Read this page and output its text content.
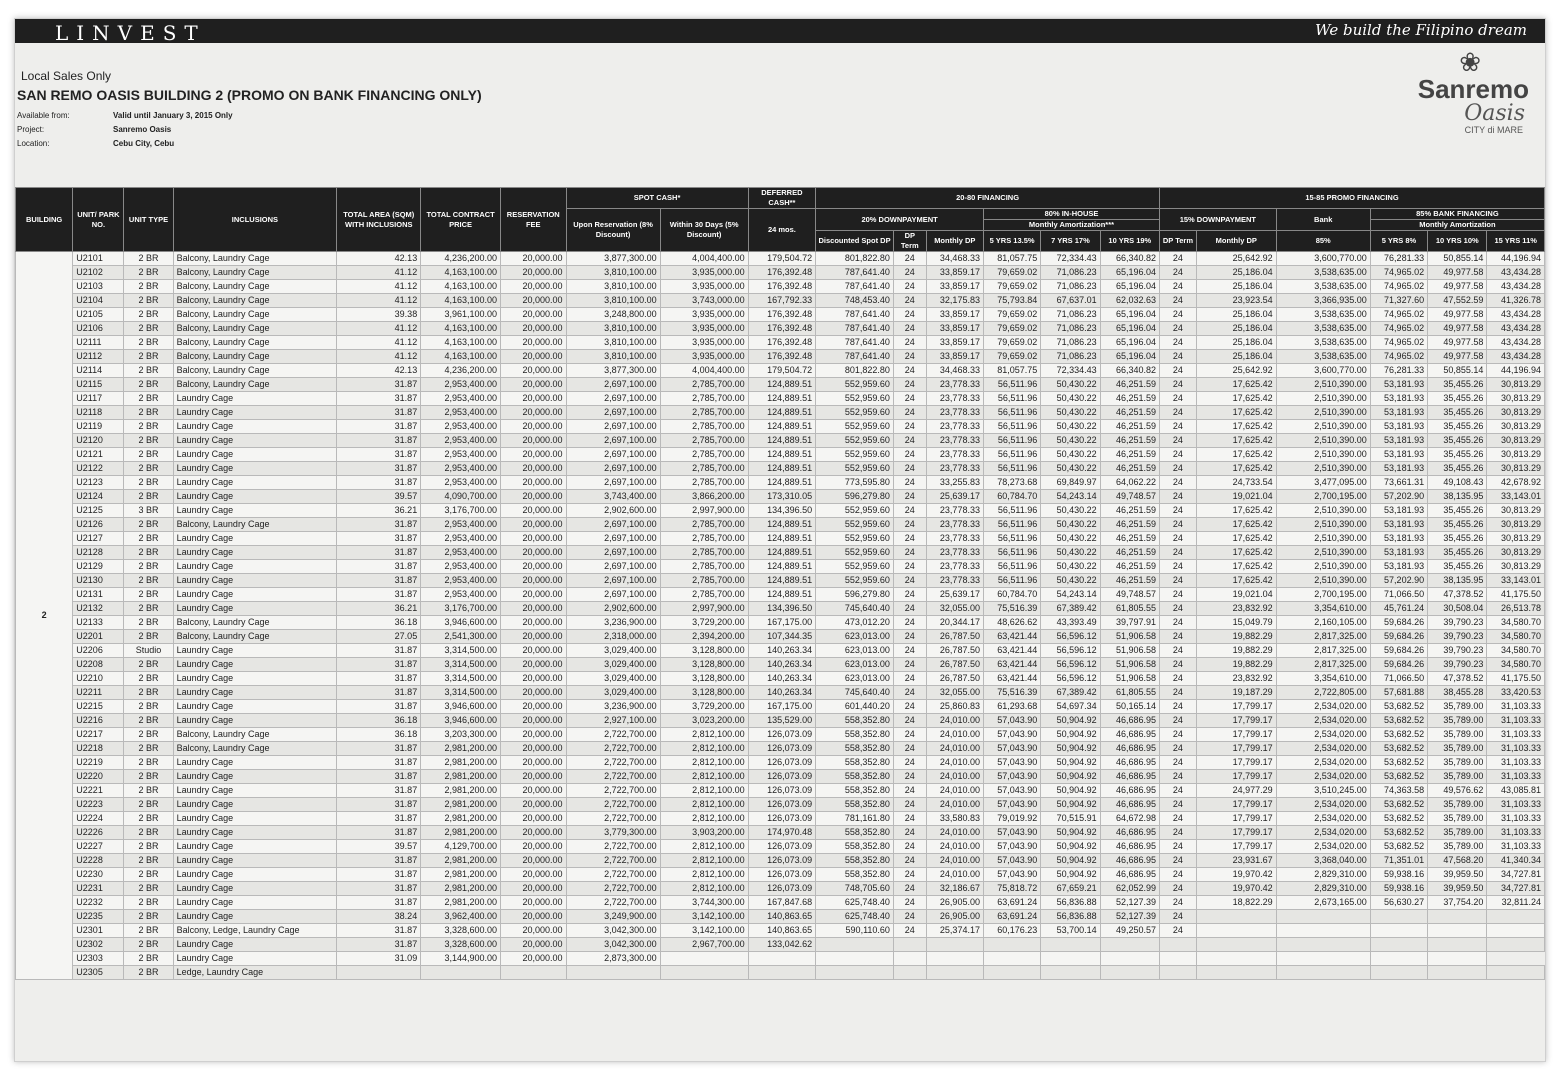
LINVEST	We build the Filipino dream
Local Sales Only
SAN REMO OASIS BUILDING 2 (PROMO ON BANK FINANCING ONLY)
Available from:	Valid until January 3, 2015 Only
Project:	Sanremo Oasis
Location:	Cebu City, Cebu
❀
Sanremo
Oasis
CITY di MARE
BUILDING	UNIT/ PARK NO.	UNIT TYPE	INCLUSIONS	TOTAL AREA (SQM) WITH INCLUSIONS	TOTAL CONTRACT PRICE	RESERVATION FEE	SPOT CASH*		DEFERRED CASH**	20-80 FINANCING						15-85 PROMO FINANCING					
							Upon Reservation (8% Discount)	Within 30 Days (5% Discount)	24 mos.	20% DOWNPAYMENT			80% IN-HOUSE			15% DOWNPAYMENT		Bank	85% BANK FINANCING		
													Monthly Amortization***						Monthly Amortization		
										Discounted Spot DP	DP Term	Monthly DP	5 YRS 13.5%	7 YRS 17%	10 YRS 19%	DP Term	Monthly DP	85%	5 YRS 8%	10 YRS 10%	15 YRS 11%
2	U2101	2 BR	Balcony, Laundry Cage	42.13	4,236,200.00	20,000.00	3,877,300.00	4,004,400.00	179,504.72	801,822.80	24	34,468.33	81,057.75	72,334.43	66,340.82	24	25,642.92	3,600,770.00	76,281.33	50,855.14	44,196.94
	U2102	2 BR	Balcony, Laundry Cage	41.12	4,163,100.00	20,000.00	3,810,100.00	3,935,000.00	176,392.48	787,641.40	24	33,859.17	79,659.02	71,086.23	65,196.04	24	25,186.04	3,538,635.00	74,965.02	49,977.58	43,434.28
	U2103	2 BR	Balcony, Laundry Cage	41.12	4,163,100.00	20,000.00	3,810,100.00	3,935,000.00	176,392.48	787,641.40	24	33,859.17	79,659.02	71,086.23	65,196.04	24	25,186.04	3,538,635.00	74,965.02	49,977.58	43,434.28
	U2104	2 BR	Balcony, Laundry Cage	41.12	4,163,100.00	20,000.00	3,810,100.00	3,743,000.00	167,792.33	748,453.40	24	32,175.83	75,793.84	67,637.01	62,032.63	24	23,923.54	3,366,935.00	71,327.60	47,552.59	41,326.78
	U2105	2 BR	Balcony, Laundry Cage	39.38	3,961,100.00	20,000.00	3,248,800.00	3,935,000.00	176,392.48	787,641.40	24	33,859.17	79,659.02	71,086.23	65,196.04	24	25,186.04	3,538,635.00	74,965.02	49,977.58	43,434.28
	U2106	2 BR	Balcony, Laundry Cage	41.12	4,163,100.00	20,000.00	3,810,100.00	3,935,000.00	176,392.48	787,641.40	24	33,859.17	79,659.02	71,086.23	65,196.04	24	25,186.04	3,538,635.00	74,965.02	49,977.58	43,434.28
	U2111	2 BR	Balcony, Laundry Cage	41.12	4,163,100.00	20,000.00	3,810,100.00	3,935,000.00	176,392.48	787,641.40	24	33,859.17	79,659.02	71,086.23	65,196.04	24	25,186.04	3,538,635.00	74,965.02	49,977.58	43,434.28
	U2112	2 BR	Balcony, Laundry Cage	41.12	4,163,100.00	20,000.00	3,810,100.00	3,935,000.00	176,392.48	787,641.40	24	33,859.17	79,659.02	71,086.23	65,196.04	24	25,186.04	3,538,635.00	74,965.02	49,977.58	43,434.28
	U2114	2 BR	Balcony, Laundry Cage	42.13	4,236,200.00	20,000.00	3,877,300.00	4,004,400.00	179,504.72	801,822.80	24	34,468.33	81,057.75	72,334.43	66,340.82	24	25,642.92	3,600,770.00	76,281.33	50,855.14	44,196.94
	U2115	2 BR	Balcony, Laundry Cage	31.87	2,953,400.00	20,000.00	2,697,100.00	2,785,700.00	124,889.51	552,959.60	24	23,778.33	56,511.96	50,430.22	46,251.59	24	17,625.42	2,510,390.00	53,181.93	35,455.26	30,813.29
	U2117	2 BR	Laundry Cage	31.87	2,953,400.00	20,000.00	2,697,100.00	2,785,700.00	124,889.51	552,959.60	24	23,778.33	56,511.96	50,430.22	46,251.59	24	17,625.42	2,510,390.00	53,181.93	35,455.26	30,813.29
	U2118	2 BR	Laundry Cage	31.87	2,953,400.00	20,000.00	2,697,100.00	2,785,700.00	124,889.51	552,959.60	24	23,778.33	56,511.96	50,430.22	46,251.59	24	17,625.42	2,510,390.00	53,181.93	35,455.26	30,813.29
	U2119	2 BR	Laundry Cage	31.87	2,953,400.00	20,000.00	2,697,100.00	2,785,700.00	124,889.51	552,959.60	24	23,778.33	56,511.96	50,430.22	46,251.59	24	17,625.42	2,510,390.00	53,181.93	35,455.26	30,813.29
	U2120	2 BR	Laundry Cage	31.87	2,953,400.00	20,000.00	2,697,100.00	2,785,700.00	124,889.51	552,959.60	24	23,778.33	56,511.96	50,430.22	46,251.59	24	17,625.42	2,510,390.00	53,181.93	35,455.26	30,813.29
	U2121	2 BR	Laundry Cage	31.87	2,953,400.00	20,000.00	2,697,100.00	2,785,700.00	124,889.51	552,959.60	24	23,778.33	56,511.96	50,430.22	46,251.59	24	17,625.42	2,510,390.00	53,181.93	35,455.26	30,813.29
	U2122	2 BR	Laundry Cage	31.87	2,953,400.00	20,000.00	2,697,100.00	2,785,700.00	124,889.51	552,959.60	24	23,778.33	56,511.96	50,430.22	46,251.59	24	17,625.42	2,510,390.00	53,181.93	35,455.26	30,813.29
	U2123	2 BR	Laundry Cage	31.87	2,953,400.00	20,000.00	2,697,100.00	2,785,700.00	124,889.51	773,595.80	24	33,255.83	78,273.68	69,849.97	64,062.22	24	24,733.54	3,477,095.00	73,661.31	49,108.43	42,678.92
	U2124	2 BR	Laundry Cage	39.57	4,090,700.00	20,000.00	3,743,400.00	3,866,200.00	173,310.05	596,279.80	24	25,639.17	60,784.70	54,243.14	49,748.57	24	19,021.04	2,700,195.00	57,202.90	38,135.95	33,143.01
	U2125	3 BR	Laundry Cage	36.21	3,176,700.00	20,000.00	2,902,600.00	2,997,900.00	134,396.50	552,959.60	24	23,778.33	56,511.96	50,430.22	46,251.59	24	17,625.42	2,510,390.00	53,181.93	35,455.26	30,813.29
	U2126	2 BR	Balcony, Laundry Cage	31.87	2,953,400.00	20,000.00	2,697,100.00	2,785,700.00	124,889.51	552,959.60	24	23,778.33	56,511.96	50,430.22	46,251.59	24	17,625.42	2,510,390.00	53,181.93	35,455.26	30,813.29
	U2127	2 BR	Laundry Cage	31.87	2,953,400.00	20,000.00	2,697,100.00	2,785,700.00	124,889.51	552,959.60	24	23,778.33	56,511.96	50,430.22	46,251.59	24	17,625.42	2,510,390.00	53,181.93	35,455.26	30,813.29
	U2128	2 BR	Laundry Cage	31.87	2,953,400.00	20,000.00	2,697,100.00	2,785,700.00	124,889.51	552,959.60	24	23,778.33	56,511.96	50,430.22	46,251.59	24	17,625.42	2,510,390.00	53,181.93	35,455.26	30,813.29
	U2129	2 BR	Laundry Cage	31.87	2,953,400.00	20,000.00	2,697,100.00	2,785,700.00	124,889.51	552,959.60	24	23,778.33	56,511.96	50,430.22	46,251.59	24	17,625.42	2,510,390.00	53,181.93	35,455.26	30,813.29
	U2130	2 BR	Laundry Cage	31.87	2,953,400.00	20,000.00	2,697,100.00	2,785,700.00	124,889.51	552,959.60	24	23,778.33	56,511.96	50,430.22	46,251.59	24	17,625.42	2,510,390.00	57,202.90	38,135.95	33,143.01
	U2131	2 BR	Laundry Cage	31.87	2,953,400.00	20,000.00	2,697,100.00	2,785,700.00	124,889.51	596,279.80	24	25,639.17	60,784.70	54,243.14	49,748.57	24	19,021.04	2,700,195.00	71,066.50	47,378.52	41,175.50
	U2132	2 BR	Laundry Cage	36.21	3,176,700.00	20,000.00	2,902,600.00	2,997,900.00	134,396.50	745,640.40	24	32,055.00	75,516.39	67,389.42	61,805.55	24	23,832.92	3,354,610.00	45,761.24	30,508.04	26,513.78
	U2133	2 BR	Balcony, Laundry Cage	36.18	3,946,600.00	20,000.00	3,236,900.00	3,729,200.00	167,175.00	473,012.20	24	20,344.17	48,626.62	43,393.49	39,797.91	24	15,049.79	2,160,105.00	59,684.26	39,790.23	34,580.70
	U2201	2 BR	Balcony, Laundry Cage	27.05	2,541,300.00	20,000.00	2,318,000.00	2,394,200.00	107,344.35	623,013.00	24	26,787.50	63,421.44	56,596.12	51,906.58	24	19,882.29	2,817,325.00	59,684.26	39,790.23	34,580.70
	U2206	Studio	Laundry Cage	31.87	3,314,500.00	20,000.00	3,029,400.00	3,128,800.00	140,263.34	623,013.00	24	26,787.50	63,421.44	56,596.12	51,906.58	24	19,882.29	2,817,325.00	59,684.26	39,790.23	34,580.70
	U2208	2 BR	Laundry Cage	31.87	3,314,500.00	20,000.00	3,029,400.00	3,128,800.00	140,263.34	623,013.00	24	26,787.50	63,421.44	56,596.12	51,906.58	24	19,882.29	2,817,325.00	59,684.26	39,790.23	34,580.70
	U2210	2 BR	Laundry Cage	31.87	3,314,500.00	20,000.00	3,029,400.00	3,128,800.00	140,263.34	623,013.00	24	26,787.50	63,421.44	56,596.12	51,906.58	24	23,832.92	3,354,610.00	71,066.50	47,378.52	41,175.50
	U2211	2 BR	Laundry Cage	31.87	3,314,500.00	20,000.00	3,029,400.00	3,128,800.00	140,263.34	745,640.40	24	32,055.00	75,516.39	67,389.42	61,805.55	24	19,187.29	2,722,805.00	57,681.88	38,455.28	33,420.53
	U2215	2 BR	Laundry Cage	31.87	3,946,600.00	20,000.00	3,236,900.00	3,729,200.00	167,175.00	601,440.20	24	25,860.83	61,293.68	54,697.34	50,165.14	24	17,799.17	2,534,020.00	53,682.52	35,789.00	31,103.33
	U2216	2 BR	Laundry Cage	36.18	3,946,600.00	20,000.00	2,927,100.00	3,023,200.00	135,529.00	558,352.80	24	24,010.00	57,043.90	50,904.92	46,686.95	24	17,799.17	2,534,020.00	53,682.52	35,789.00	31,103.33
	U2217	2 BR	Balcony, Laundry Cage	36.18	3,203,300.00	20,000.00	2,722,700.00	2,812,100.00	126,073.09	558,352.80	24	24,010.00	57,043.90	50,904.92	46,686.95	24	17,799.17	2,534,020.00	53,682.52	35,789.00	31,103.33
	U2218	2 BR	Balcony, Laundry Cage	31.87	2,981,200.00	20,000.00	2,722,700.00	2,812,100.00	126,073.09	558,352.80	24	24,010.00	57,043.90	50,904.92	46,686.95	24	17,799.17	2,534,020.00	53,682.52	35,789.00	31,103.33
	U2219	2 BR	Laundry Cage	31.87	2,981,200.00	20,000.00	2,722,700.00	2,812,100.00	126,073.09	558,352.80	24	24,010.00	57,043.90	50,904.92	46,686.95	24	17,799.17	2,534,020.00	53,682.52	35,789.00	31,103.33
	U2220	2 BR	Laundry Cage	31.87	2,981,200.00	20,000.00	2,722,700.00	2,812,100.00	126,073.09	558,352.80	24	24,010.00	57,043.90	50,904.92	46,686.95	24	17,799.17	2,534,020.00	53,682.52	35,789.00	31,103.33
	U2221	2 BR	Laundry Cage	31.87	2,981,200.00	20,000.00	2,722,700.00	2,812,100.00	126,073.09	558,352.80	24	24,010.00	57,043.90	50,904.92	46,686.95	24	24,977.29	3,510,245.00	74,363.58	49,576.62	43,085.81
	U2223	2 BR	Laundry Cage	31.87	2,981,200.00	20,000.00	2,722,700.00	2,812,100.00	126,073.09	558,352.80	24	24,010.00	57,043.90	50,904.92	46,686.95	24	17,799.17	2,534,020.00	53,682.52	35,789.00	31,103.33
	U2224	2 BR	Laundry Cage	31.87	2,981,200.00	20,000.00	2,722,700.00	2,812,100.00	126,073.09	781,161.80	24	33,580.83	79,019.92	70,515.91	64,672.98	24	17,799.17	2,534,020.00	53,682.52	35,789.00	31,103.33
	U2226	2 BR	Laundry Cage	31.87	2,981,200.00	20,000.00	3,779,300.00	3,903,200.00	174,970.48	558,352.80	24	24,010.00	57,043.90	50,904.92	46,686.95	24	17,799.17	2,534,020.00	53,682.52	35,789.00	31,103.33
	U2227	2 BR	Laundry Cage	39.57	4,129,700.00	20,000.00	2,722,700.00	2,812,100.00	126,073.09	558,352.80	24	24,010.00	57,043.90	50,904.92	46,686.95	24	17,799.17	2,534,020.00	53,682.52	35,789.00	31,103.33
	U2228	2 BR	Laundry Cage	31.87	2,981,200.00	20,000.00	2,722,700.00	2,812,100.00	126,073.09	558,352.80	24	24,010.00	57,043.90	50,904.92	46,686.95	24	23,931.67	3,368,040.00	71,351.01	47,568.20	41,340.34
	U2230	2 BR	Laundry Cage	31.87	2,981,200.00	20,000.00	2,722,700.00	2,812,100.00	126,073.09	558,352.80	24	24,010.00	57,043.90	50,904.92	46,686.95	24	19,970.42	2,829,310.00	59,938.16	39,959.50	34,727.81
	U2231	2 BR	Laundry Cage	31.87	2,981,200.00	20,000.00	2,722,700.00	2,812,100.00	126,073.09	748,705.60	24	32,186.67	75,818.72	67,659.21	62,052.99	24	19,970.42	2,829,310.00	59,938.16	39,959.50	34,727.81
	U2232	2 BR	Laundry Cage	31.87	2,981,200.00	20,000.00	2,722,700.00	3,744,300.00	167,847.68	625,748.40	24	26,905.00	63,691.24	56,836.88	52,127.39	24	18,822.29	2,673,165.00	56,630.27	37,754.20	32,811.24
	U2235	2 BR	Laundry Cage	38.24	3,962,400.00	20,000.00	3,249,900.00	3,142,100.00	140,863.65	625,748.40	24	26,905.00	63,691.24	56,836.88	52,127.39	24					
	U2301	2 BR	Balcony, Ledge, Laundry Cage	31.87	3,328,600.00	20,000.00	3,042,300.00	3,142,100.00	140,863.65	590,110.60	24	25,374.17	60,176.23	53,700.14	49,250.57	24					
	U2302	2 BR	Laundry Cage	31.87	3,328,600.00	20,000.00	3,042,300.00	2,967,700.00	133,042.62												
	U2303	2 BR	Laundry Cage	31.09	3,144,900.00	20,000.00	2,873,300.00														
	U2305	2 BR	Ledge, Laundry Cage																		
